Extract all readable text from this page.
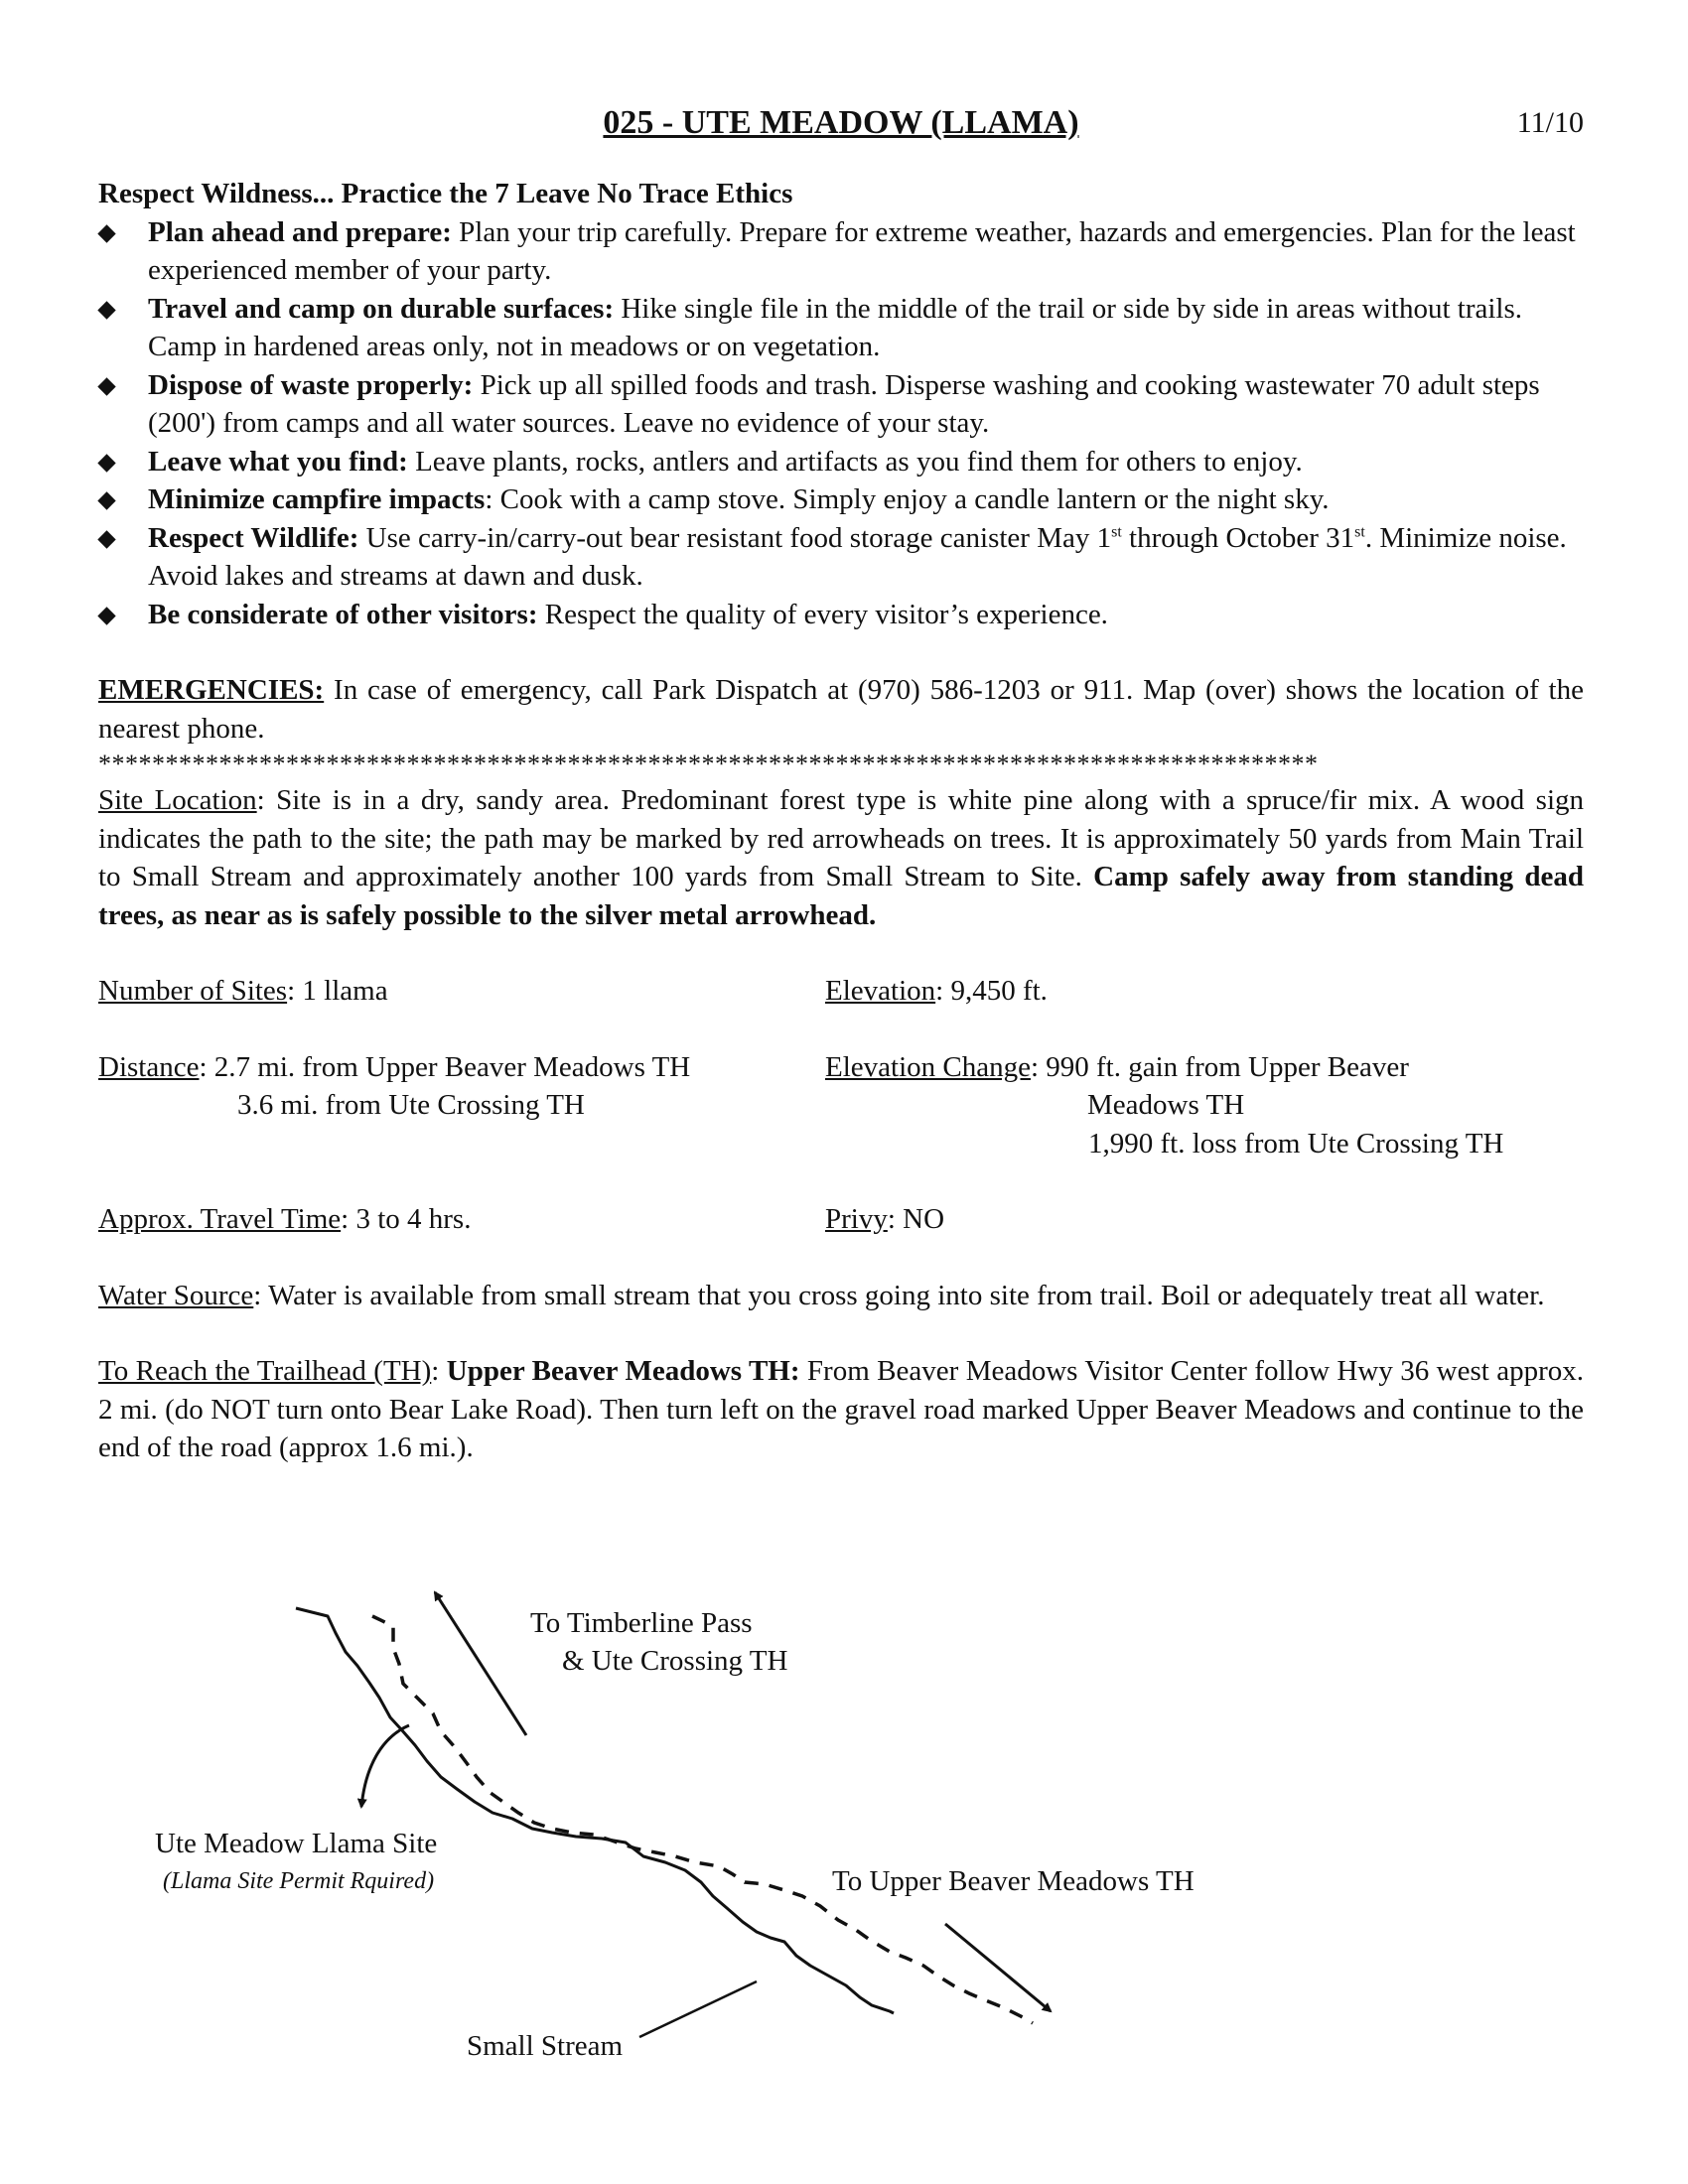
025 - UTE MEADOW (LLAMA)	11/10
Respect Wildness... Practice the 7 Leave No Trace Ethics
Plan ahead and prepare: Plan your trip carefully. Prepare for extreme weather, hazards and emergencies. Plan for the least experienced member of your party.
Travel and camp on durable surfaces: Hike single file in the middle of the trail or side by side in areas without trails. Camp in hardened areas only, not in meadows or on vegetation.
Dispose of waste properly: Pick up all spilled foods and trash. Disperse washing and cooking wastewater 70 adult steps (200') from camps and all water sources. Leave no evidence of your stay.
Leave what you find: Leave plants, rocks, antlers and artifacts as you find them for others to enjoy.
Minimize campfire impacts: Cook with a camp stove. Simply enjoy a candle lantern or the night sky.
Respect Wildlife: Use carry-in/carry-out bear resistant food storage canister May 1st through October 31st. Minimize noise. Avoid lakes and streams at dawn and dusk.
Be considerate of other visitors: Respect the quality of every visitor’s experience.
EMERGENCIES: In case of emergency, call Park Dispatch at (970) 586-1203 or 911. Map (over) shows the location of the nearest phone.
*******************************************************************************************
Site Location: Site is in a dry, sandy area. Predominant forest type is white pine along with a spruce/fir mix. A wood sign indicates the path to the site; the path may be marked by red arrowheads on trees. It is approximately 50 yards from Main Trail to Small Stream and approximately another 100 yards from Small Stream to Site. Camp safely away from standing dead trees, as near as is safely possible to the silver metal arrowhead.
Number of Sites: 1 llama	Elevation: 9,450 ft.
Distance: 2.7 mi. from Upper Beaver Meadows TH
3.6 mi. from Ute Crossing TH
Elevation Change: 990 ft. gain from Upper Beaver
Meadows TH
1,990 ft. loss from Ute Crossing TH
Approx. Travel Time: 3 to 4 hrs.	Privy: NO
Water Source: Water is available from small stream that you cross going into site from trail. Boil or adequately treat all water.
To Reach the Trailhead (TH): Upper Beaver Meadows TH: From Beaver Meadows Visitor Center follow Hwy 36 west approx. 2 mi. (do NOT turn onto Bear Lake Road). Then turn left on the gravel road marked Upper Beaver Meadows and continue to the end of the road (approx 1.6 mi.).
To Timberline Pass
& Ute Crossing TH
Ute Meadow Llama Site
(Llama Site Permit Rquired)	To Upper Beaver Meadows TH
Small Stream
